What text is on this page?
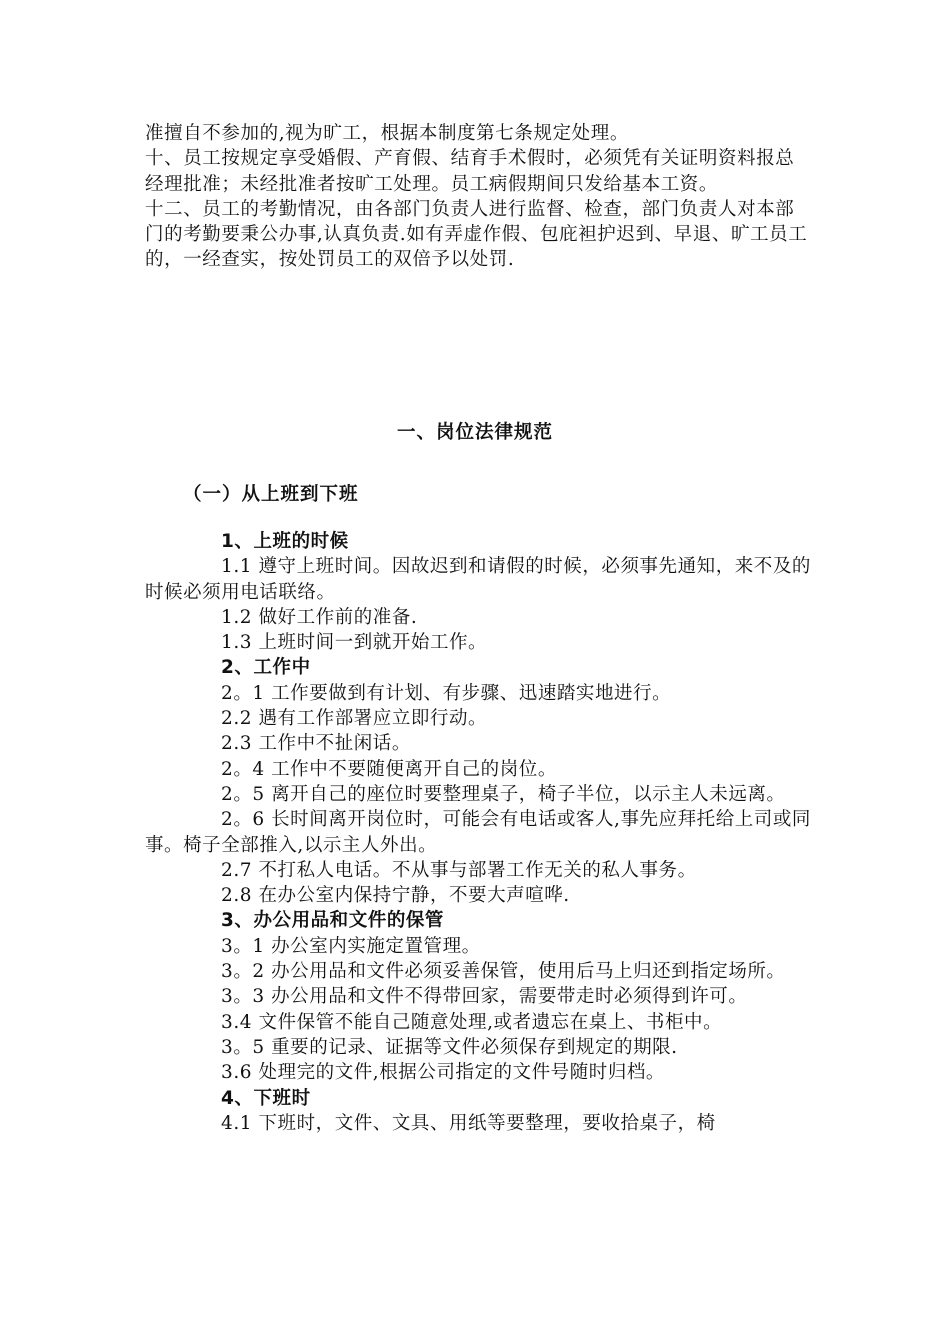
准擅自不参加的,视为旷工，根据本制度第七条规定处理。

十、员工按规定享受婚假、产育假、结育手术假时，必须凭有关证明资料报总经理批准；未经批准者按旷工处理。员工病假期间只发给基本工资。

十二、员工的考勤情况，由各部门负责人进行监督、检查，部门负责人对本部门的考勤要秉公办事,认真负责.如有弄虚作假、包庇袒护迟到、早退、旷工员工的，一经查实，按处罚员工的双倍予以处罚.

一、岗位法律规范
（一）从上班到下班

1、上班的时候

1.1 遵守上班时间。因故迟到和请假的时候，必须事先通知，来不及的时候必须用电话联络。

1.2 做好工作前的准备.

1.3 上班时间一到就开始工作。

2、工作中

2。1 工作要做到有计划、有步骤、迅速踏实地进行。

2.2 遇有工作部署应立即行动。

2.3 工作中不扯闲话。

2。4 工作中不要随便离开自己的岗位。

2。5 离开自己的座位时要整理桌子，椅子半位，以示主人未远离。

2。6 长时间离开岗位时，可能会有电话或客人,事先应拜托给上司或同事。椅子全部推入,以示主人外出。

2.7 不打私人电话。不从事与部署工作无关的私人事务。

2.8 在办公室内保持宁静，不要大声喧哗.

3、办公用品和文件的保管

3。1 办公室内实施定置管理。

3。2 办公用品和文件必须妥善保管，使用后马上归还到指定场所。

3。3 办公用品和文件不得带回家，需要带走时必须得到许可。

3.4 文件保管不能自己随意处理,或者遗忘在桌上、书柜中。

3。5 重要的记录、证据等文件必须保存到规定的期限.

3.6 处理完的文件,根据公司指定的文件号随时归档。

4、下班时

4.1 下班时，文件、文具、用纸等要整理，要收拾桌子，椅
